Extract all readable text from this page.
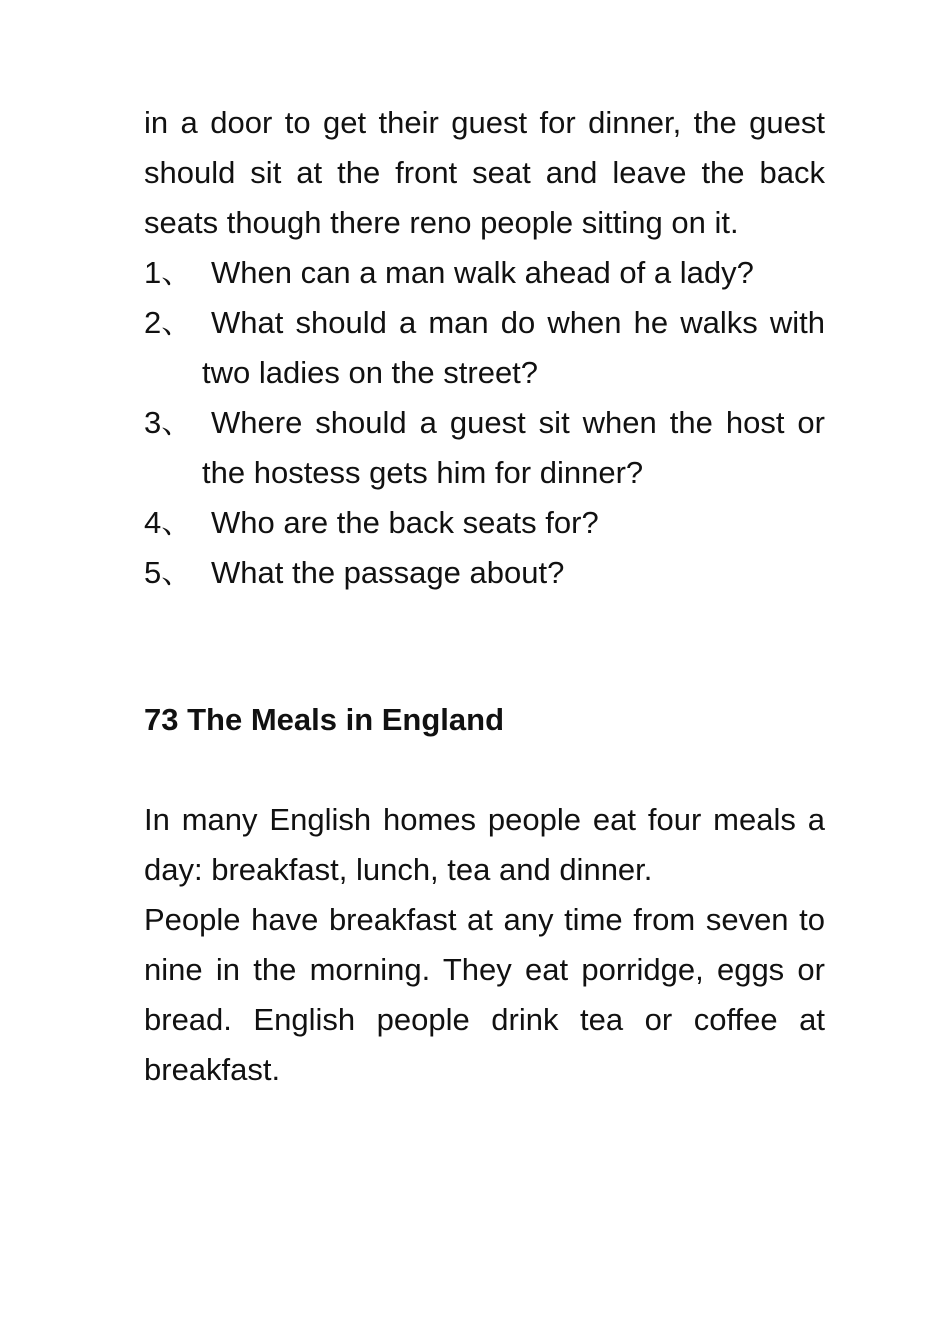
in a door to get their guest for dinner, the guest should sit at the front seat and leave the back seats though there reno people sitting on it.

1、 When can a man walk ahead of a lady?
2、 What should a man do when he walks with two ladies on the street?
3、 Where should a guest sit when the host or the hostess gets him for dinner?
4、 Who are the back seats for?
5、 What the passage about?
73 The Meals in England

In many English homes people eat four meals a day: breakfast, lunch, tea and dinner.

People have breakfast at any time from seven to nine in the morning. They eat porridge, eggs or bread. English people drink tea or coffee at breakfast.
